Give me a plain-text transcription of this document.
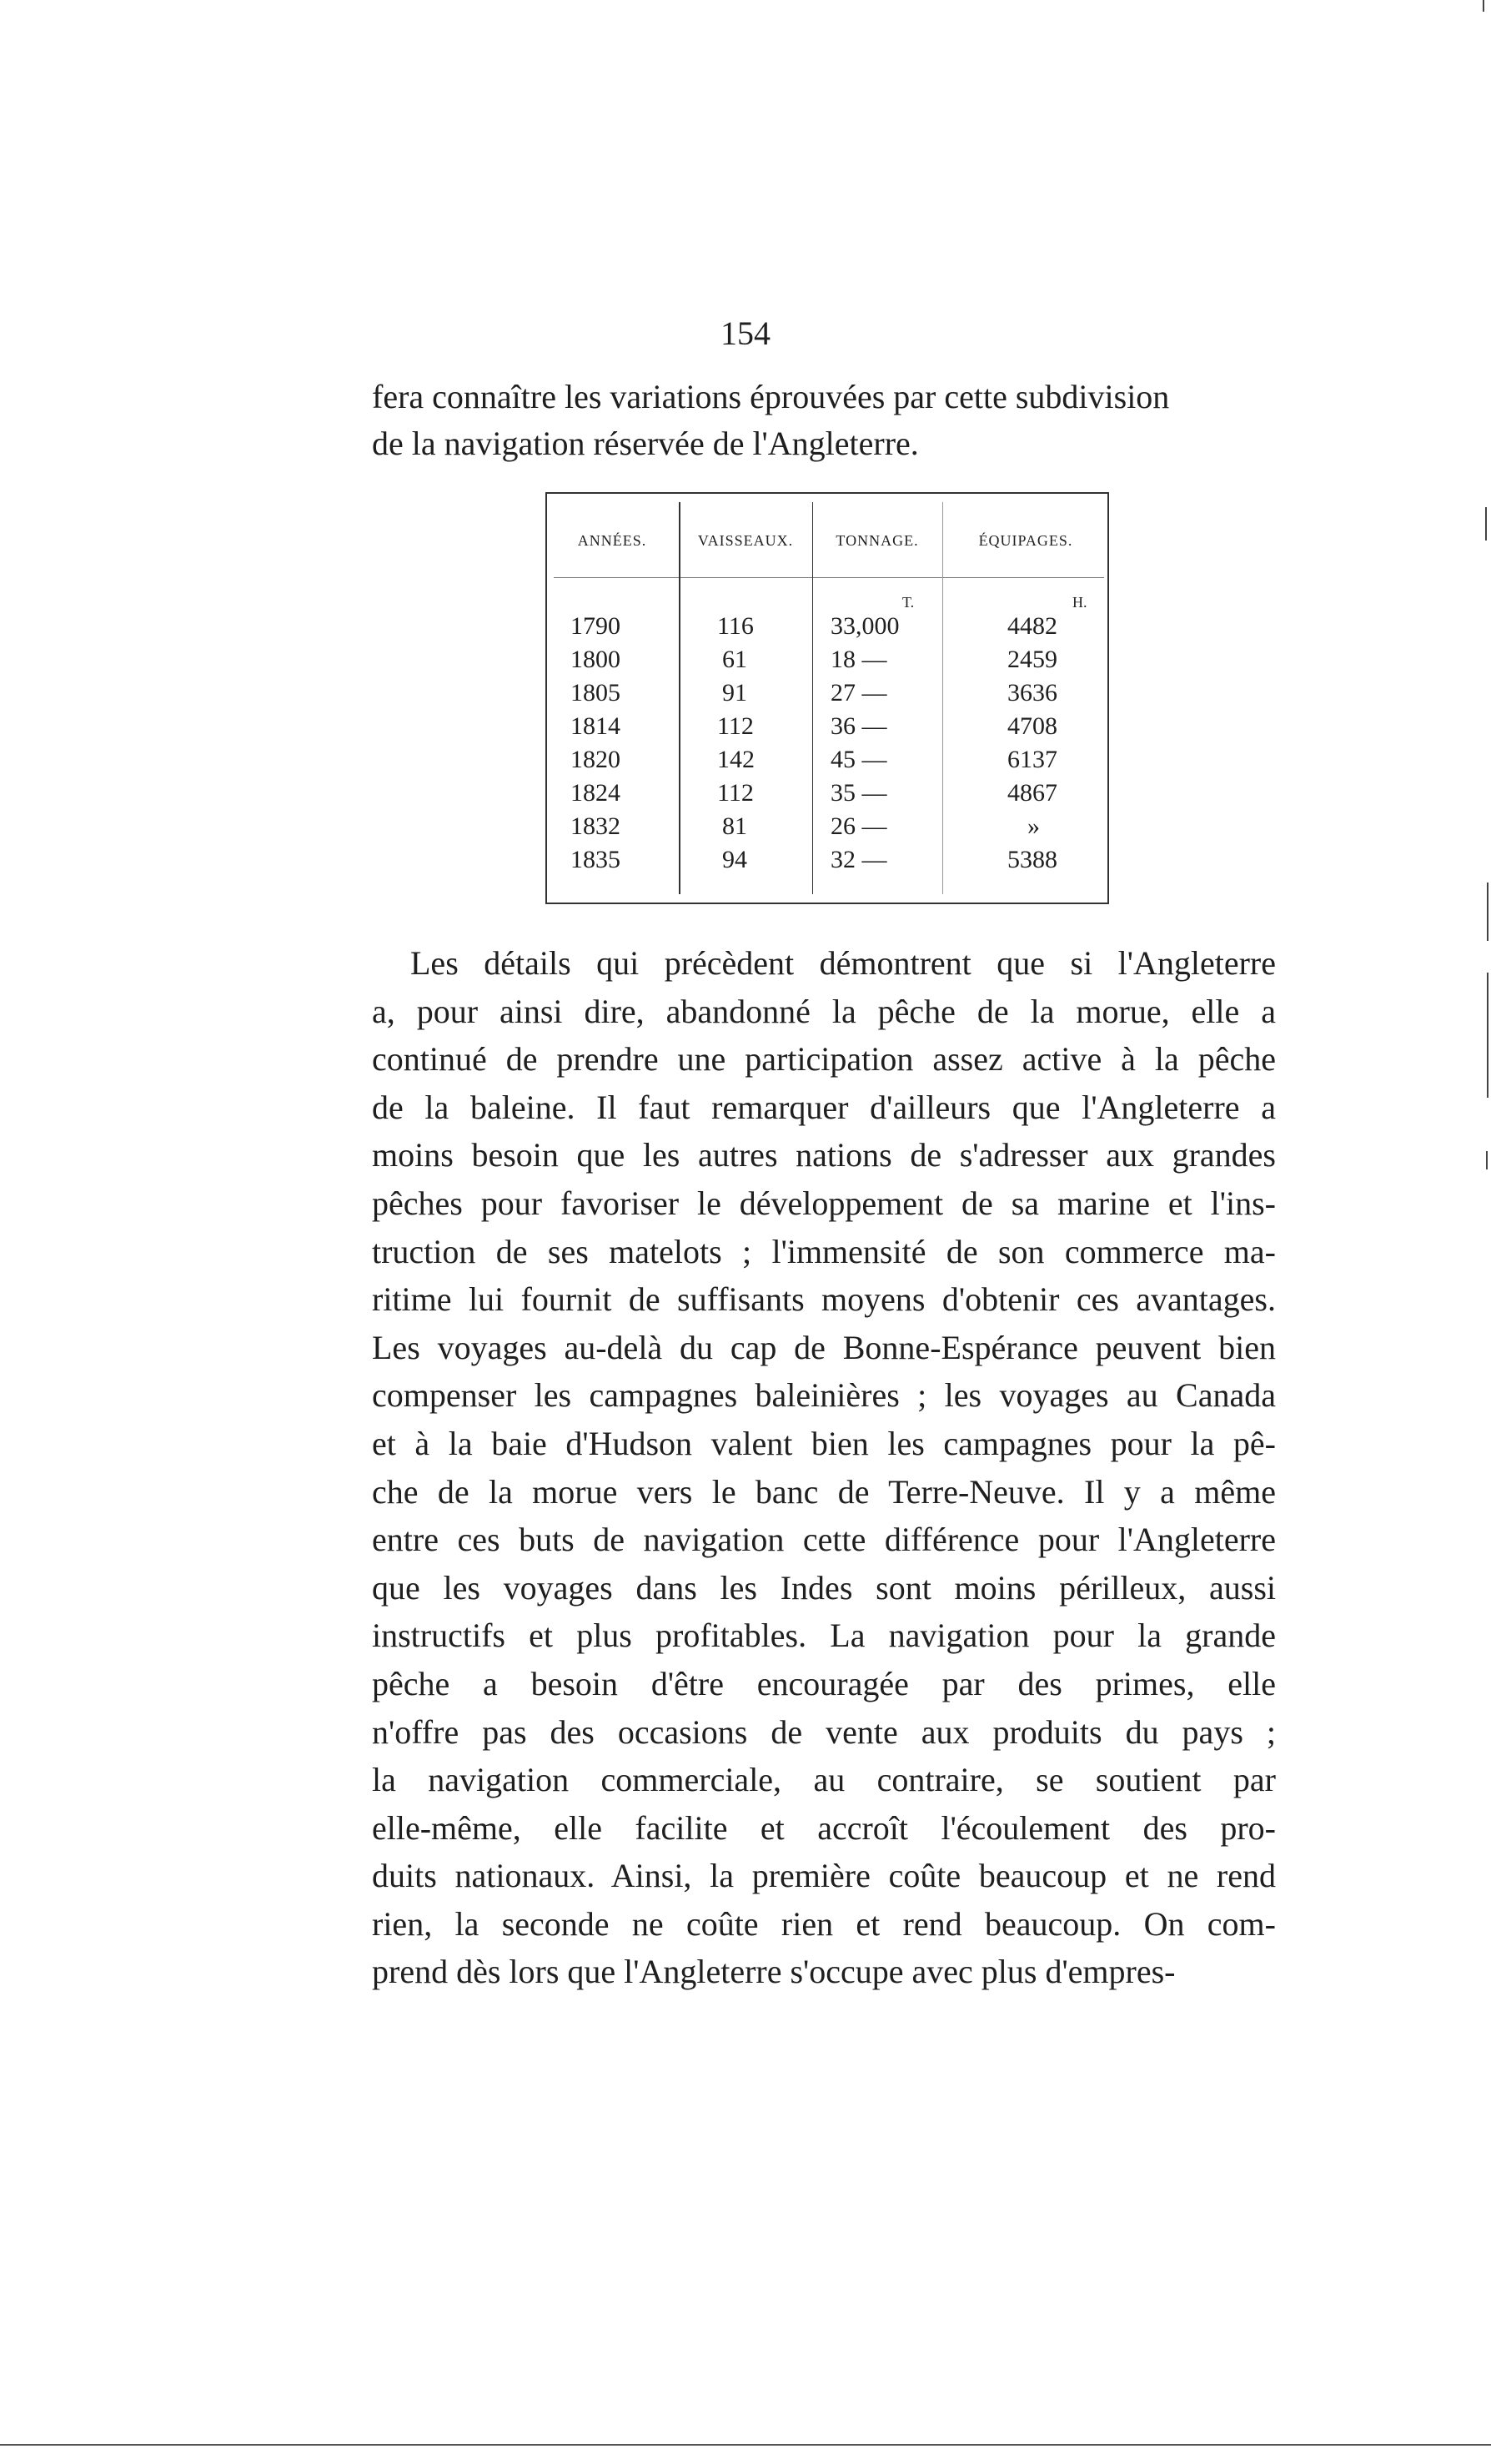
154
fera connaître les variations éprouvées par cette subdivision
de la navigation réservée de l'Angleterre.
ANNÉES.	VAISSEAUX.	TONNAGE.	ÉQUIPAGES.
T.	H.
1790	116	33,000	4482
1800	61	18 —	2459
1805	91	27 —	3636
1814	112	36 —	4708
1820	142	45 —	6137
1824	112	35 —	4867
1832	81	26 —	»
1835	94	32 —	5388
Les détails qui précèdent démontrent que si l'Angleterre
a, pour ainsi dire, abandonné la pêche de la morue, elle a
continué de prendre une participation assez active à la pêche
de la baleine. Il faut remarquer d'ailleurs que l'Angleterre a
moins besoin que les autres nations de s'adresser aux grandes
pêches pour favoriser le développement de sa marine et l'ins-
truction de ses matelots ; l'immensité de son commerce ma-
ritime lui fournit de suffisants moyens d'obtenir ces avantages.
Les voyages au-delà du cap de Bonne-Espérance peuvent bien
compenser les campagnes baleinières ; les voyages au Canada
et à la baie d'Hudson valent bien les campagnes pour la pê-
che de la morue vers le banc de Terre-Neuve. Il y a même
entre ces buts de navigation cette différence pour l'Angleterre
que les voyages dans les Indes sont moins périlleux, aussi
instructifs et plus profitables. La navigation pour la grande
pêche a besoin d'être encouragée par des primes, elle
n'offre pas des occasions de vente aux produits du pays ;
la navigation commerciale, au contraire, se soutient par
elle-même, elle facilite et accroît l'écoulement des pro-
duits nationaux. Ainsi, la première coûte beaucoup et ne rend
rien, la seconde ne coûte rien et rend beaucoup. On com-
prend dès lors que l'Angleterre s'occupe avec plus d'empres-
